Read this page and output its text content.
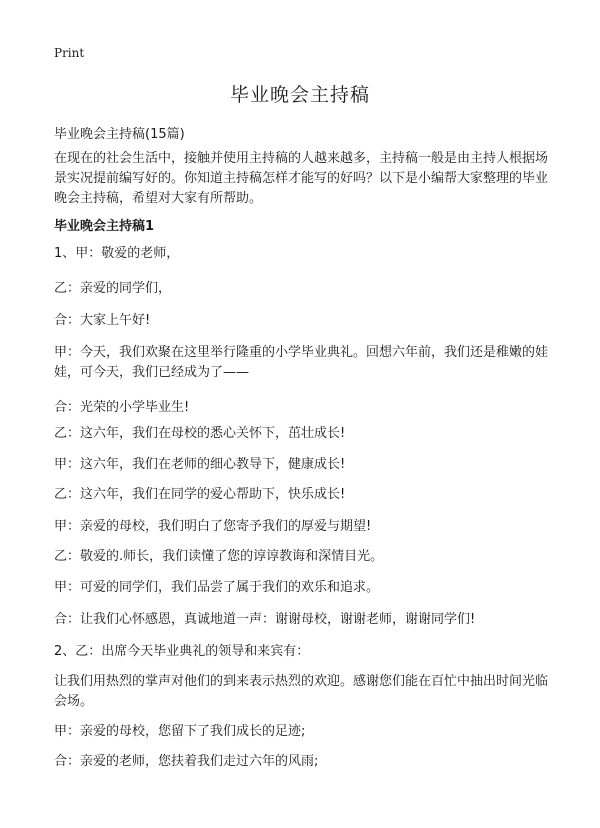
Print
毕业晚会主持稿
毕业晚会主持稿(15篇)

在现在的社会生活中，接触并使用主持稿的人越来越多，主持稿一般是由主持人根据场景实况提前编写好的。你知道主持稿怎样才能写的好吗？以下是小编帮大家整理的毕业晚会主持稿，希望对大家有所帮助。

毕业晚会主持稿1

1、甲：敬爱的老师，

乙：亲爱的同学们，

合：大家上午好!

甲：今天，我们欢聚在这里举行隆重的小学毕业典礼。回想六年前，我们还是稚嫩的娃娃，可今天，我们已经成为了——

合：光荣的小学毕业生!

乙：这六年，我们在母校的悉心关怀下，茁壮成长!

甲：这六年，我们在老师的细心教导下，健康成长!

乙：这六年，我们在同学的爱心帮助下，快乐成长!

甲：亲爱的母校，我们明白了您寄予我们的厚爱与期望!

乙：敬爱的.师长，我们读懂了您的谆谆教诲和深情目光。

甲：可爱的同学们，我们品尝了属于我们的欢乐和追求。

合：让我们心怀感恩，真诚地道一声：谢谢母校，谢谢老师，谢谢同学们!

2、乙：出席今天毕业典礼的领导和来宾有：

让我们用热烈的掌声对他们的到来表示热烈的欢迎。感谢您们能在百忙中抽出时间光临会场。

甲：亲爱的母校，您留下了我们成长的足迹;

合：亲爱的老师，您扶着我们走过六年的风雨;
